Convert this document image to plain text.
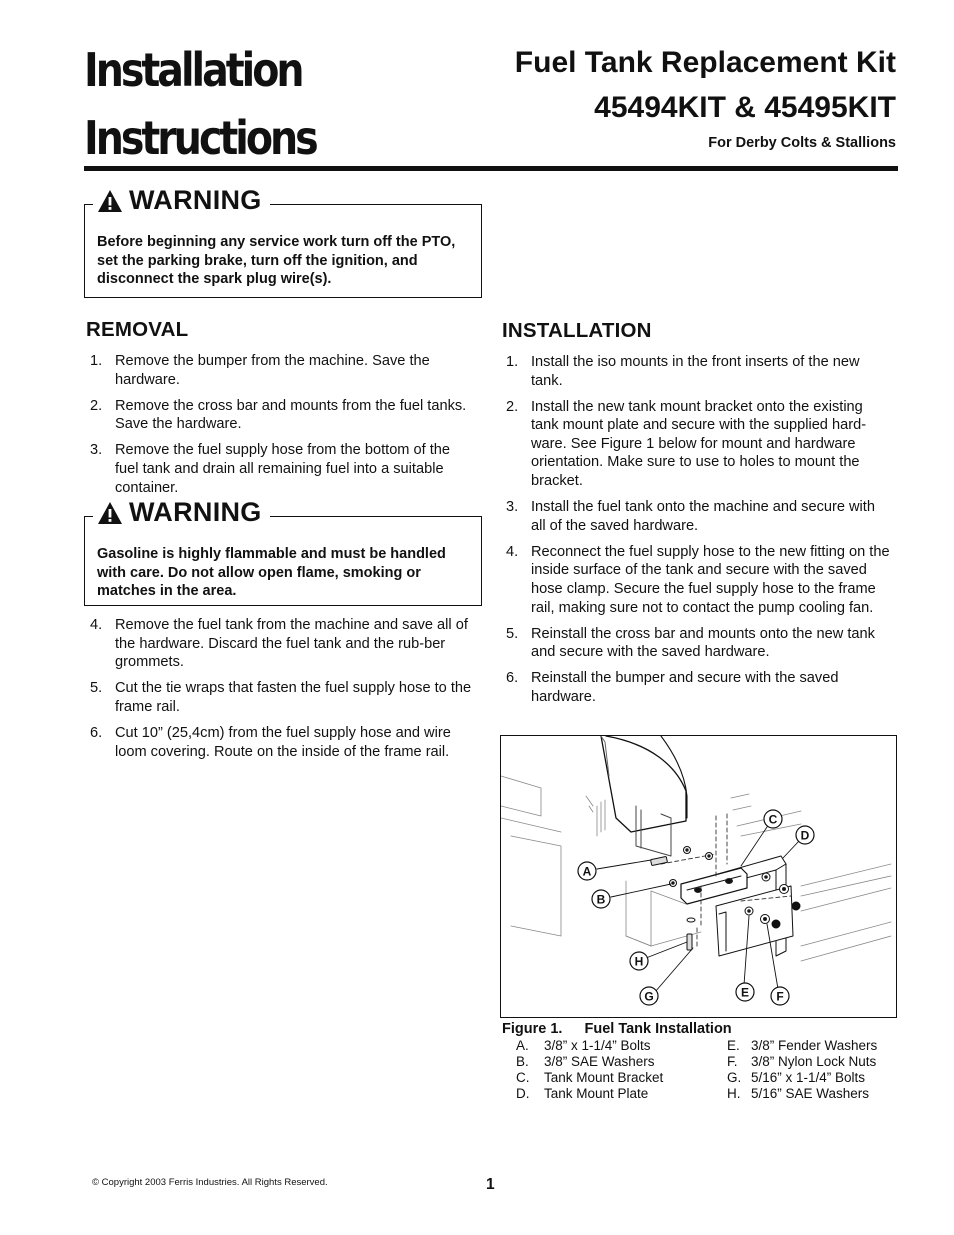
Installation
Instructions
Fuel Tank Replacement Kit
45494KIT & 45495KIT
For Derby Colts & Stallions
WARNING

Before beginning any service work turn off the PTO, set the parking brake, turn off the ignition, and disconnect the spark plug wire(s).

REMOVAL
1. Remove the bumper from the machine. Save the hardware.
2. Remove the cross bar and mounts from the fuel tanks. Save the hardware.
3. Remove the fuel supply hose from the bottom of the fuel tank and drain all remaining fuel into a suitable container.
WARNING

Gasoline is highly flammable and must be handled with care. Do not allow open flame, smoking or matches in the area.

4. Remove the fuel tank from the machine and save all of the hardware. Discard the fuel tank and the rub-ber grommets.
5. Cut the tie wraps that fasten the fuel supply hose to the frame rail.
6. Cut 10” (25,4cm) from the fuel supply hose and wire loom covering. Route on the inside of the frame rail.
INSTALLATION
1. Install the iso mounts in the front inserts of the new tank.
2. Install the new tank mount bracket onto the existing tank mount plate and secure with the supplied hard-ware. See Figure 1 below for mount and hardware orientation. Make sure to use to holes to mount the bracket.
3. Install the fuel tank onto the machine and secure with all of the saved hardware.
4. Reconnect the fuel supply hose to the new fitting on the inside surface of the tank and secure with the saved hose clamp. Secure the fuel supply hose to the frame rail, making sure not to contact the pump cooling fan.
5. Reinstall the cross bar and mounts onto the new tank and secure with the saved hardware.
6. Reinstall the bumper and secure with the saved hardware.
A
B
C
D
E F
G
H
Figure 1. Fuel Tank Installation
A. 3/8” x 1-1/4” Bolts
B. 3/8” SAE Washers
C. Tank Mount Bracket
D. Tank Mount Plate
E. 3/8” Fender Washers
F. 3/8” Nylon Lock Nuts
G. 5/16” x 1-1/4” Bolts
H. 5/16” SAE Washers
© Copyright 2003 Ferris Industries. All Rights Reserved.	1
